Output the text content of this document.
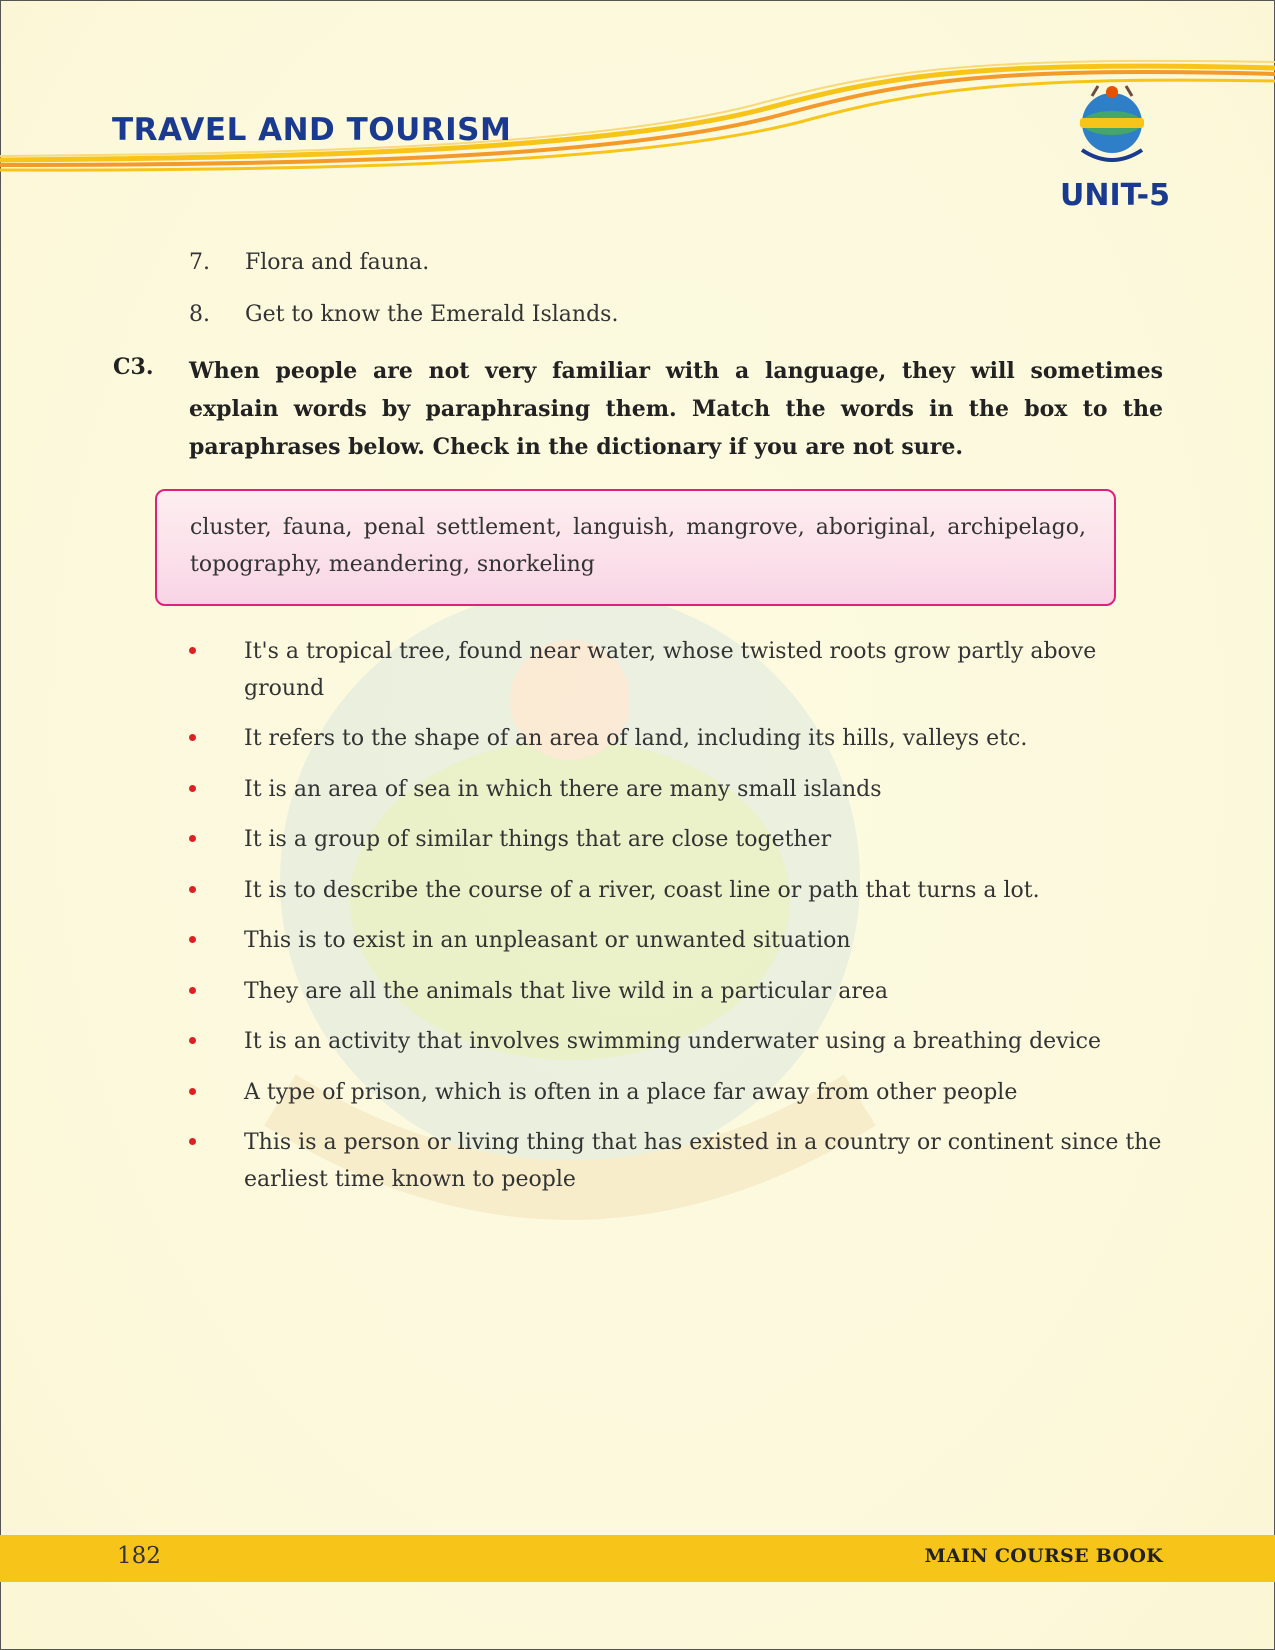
TRAVEL AND TOURISM
UNIT-5
7. Flora and fauna.
8. Get to know the Emerald Islands.
C3. When people are not very familiar with a language, they will sometimes explain words by paraphrasing them. Match the words in the box to the paraphrases below. Check in the dictionary if you are not sure.
cluster, fauna, penal settlement, languish, mangrove, aboriginal, archipelago, topography, meandering, snorkeling
It's a tropical tree, found near water, whose twisted roots grow partly above ground
It refers to the shape of an area of land, including its hills, valleys etc.
It is an area of sea in which there are many small islands
It is a group of similar things that are close together
It is to describe the course of a river, coast line or path that turns a lot.
This is to exist in an unpleasant or unwanted situation
They are all the animals that live wild in a particular area
It is an activity that involves swimming underwater using a breathing device
A type of prison, which is often in a place far away from other people
This is a person or living thing that has existed in a country or continent since the earliest time known to people
182	MAIN COURSE BOOK
